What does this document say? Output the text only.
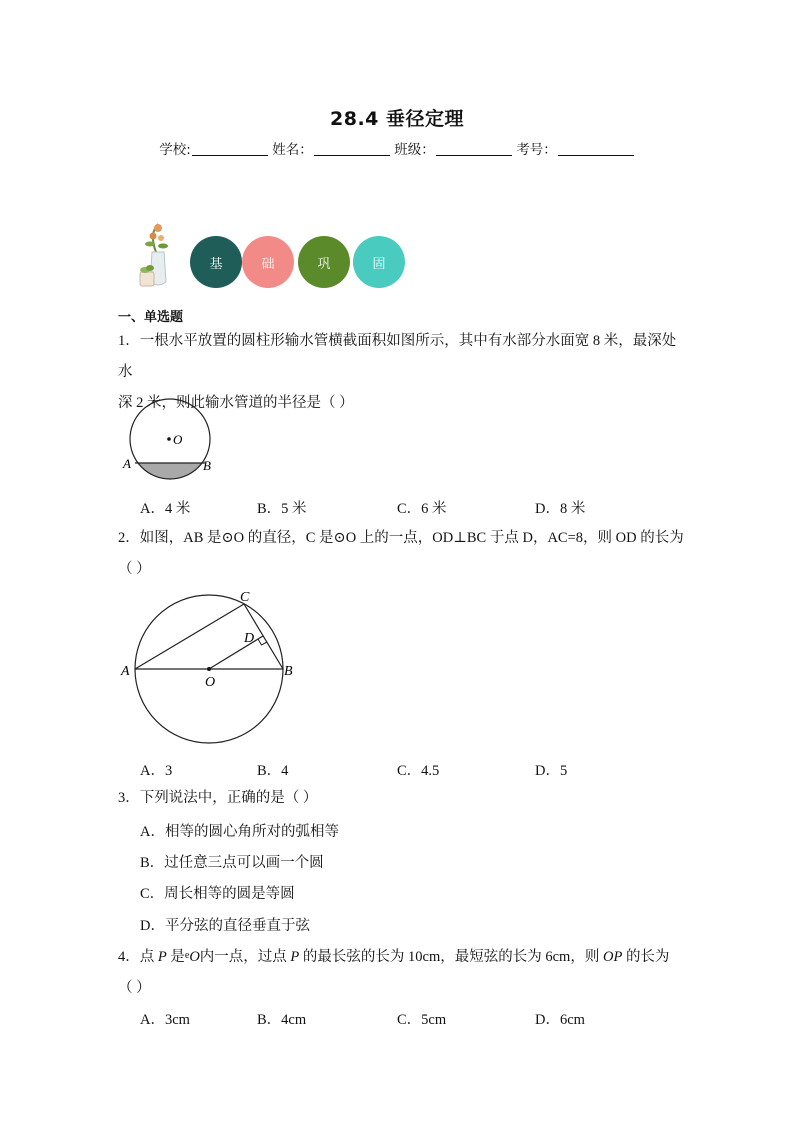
28.4 垂径定理
学校:	姓名：	班级：	考号：
基	础	巩	固
一、单选题
1．一根水平放置的圆柱形输水管横截面积如图所示，其中有水部分水面宽 8 米，最深处水
深 2 米，则此输水管道的半径是（ ）
O
A	B
A．4 米	B．5 米	C．6 米	D．8 米
2．如图，AB 是⊙O 的直径，C 是⊙O 上的一点，OD⊥BC 于点 D，AC=8，则 OD 的长为
（ ）
A	B
C
D
O
A．3	B．4	C．4.5	D．5
3．下列说法中，正确的是（ ）
A．相等的圆心角所对的弧相等
B．过任意三点可以画一个圆
C．周长相等的圆是等圆
D．平分弦的直径垂直于弦
4．点 P 是$^e$O内一点，过点 P 的最长弦的长为 10cm，最短弦的长为 6cm，则 OP 的长为
（ ）
A．3cm	B．4cm	C．5cm	D．6cm
